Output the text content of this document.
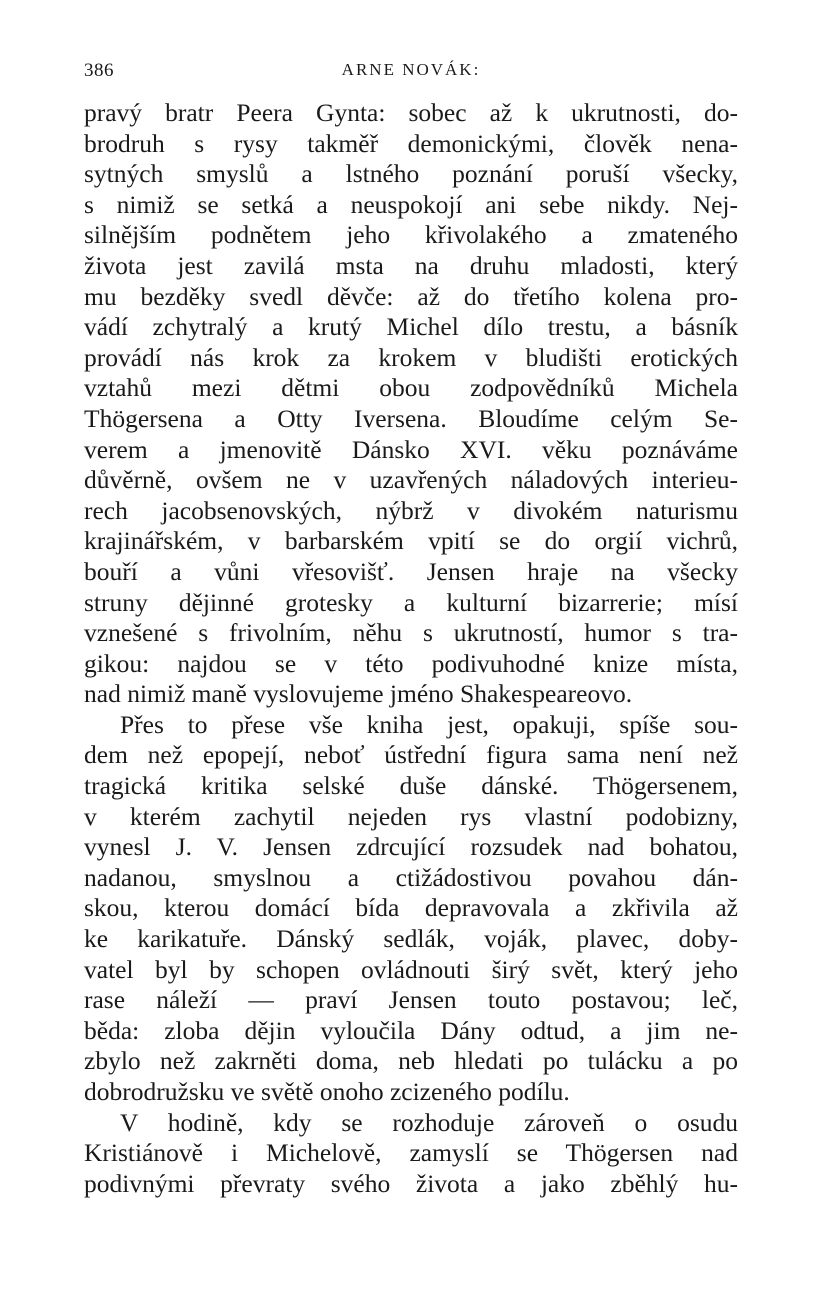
386	ARNE NOVÁK:
pravý bratr Peera Gynta: sobec až k ukrutnosti, do-
brodruh s rysy takměř demonickými, člověk nena-
sytných smyslů a lstného poznání poruší všecky,
s nimiž se setká a neuspokojí ani sebe nikdy. Nej-
silnějším podnětem jeho křivolakého a zmateného
života jest zavilá msta na druhu mladosti, který
mu bezděky svedl děvče: až do třetího kolena pro-
vádí zchytralý a krutý Michel dílo trestu, a básník
provádí nás krok za krokem v bludišti erotických
vztahů mezi dětmi obou zodpovědníků Michela
Thögersena a Otty Iversena. Bloudíme celým Se-
verem a jmenovitě Dánsko XVI. věku poznáváme
důvěrně, ovšem ne v uzavřených náladových interieu-
rech jacobsenovských, nýbrž v divokém naturismu
krajinářském, v barbarském vpití se do orgií vichrů,
bouří a vůni vřesovišť. Jensen hraje na všecky
struny dějinné grotesky a kulturní bizarrerie; mísí
vznešené s frivolním, něhu s ukrutností, humor s tra-
gikou: najdou se v této podivuhodné knize místa,
nad nimiž maně vyslovujeme jméno Shakespeareovo.
Přes to přese vše kniha jest, opakuji, spíše sou-
dem než epopejí, neboť ústřední figura sama není než
tragická kritika selské duše dánské. Thögersenem,
v kterém zachytil nejeden rys vlastní podobizny,
vynesl J. V. Jensen zdrcující rozsudek nad bohatou,
nadanou, smyslnou a ctižádostivou povahou dán-
skou, kterou domácí bída depravovala a zkřivila až
ke karikatuře. Dánský sedlák, voják, plavec, doby-
vatel byl by schopen ovládnouti širý svět, který jeho
rase náleží — praví Jensen touto postavou; leč,
běda: zloba dějin vyloučila Dány odtud, a jim ne-
zbylo než zakrněti doma, neb hledati po tulácku a po
dobrodružsku ve světě onoho zcizeného podílu.
V hodině, kdy se rozhoduje zároveň o osudu
Kristiánově i Michelově, zamyslí se Thögersen nad
podivnými převraty svého života a jako zběhlý hu-
